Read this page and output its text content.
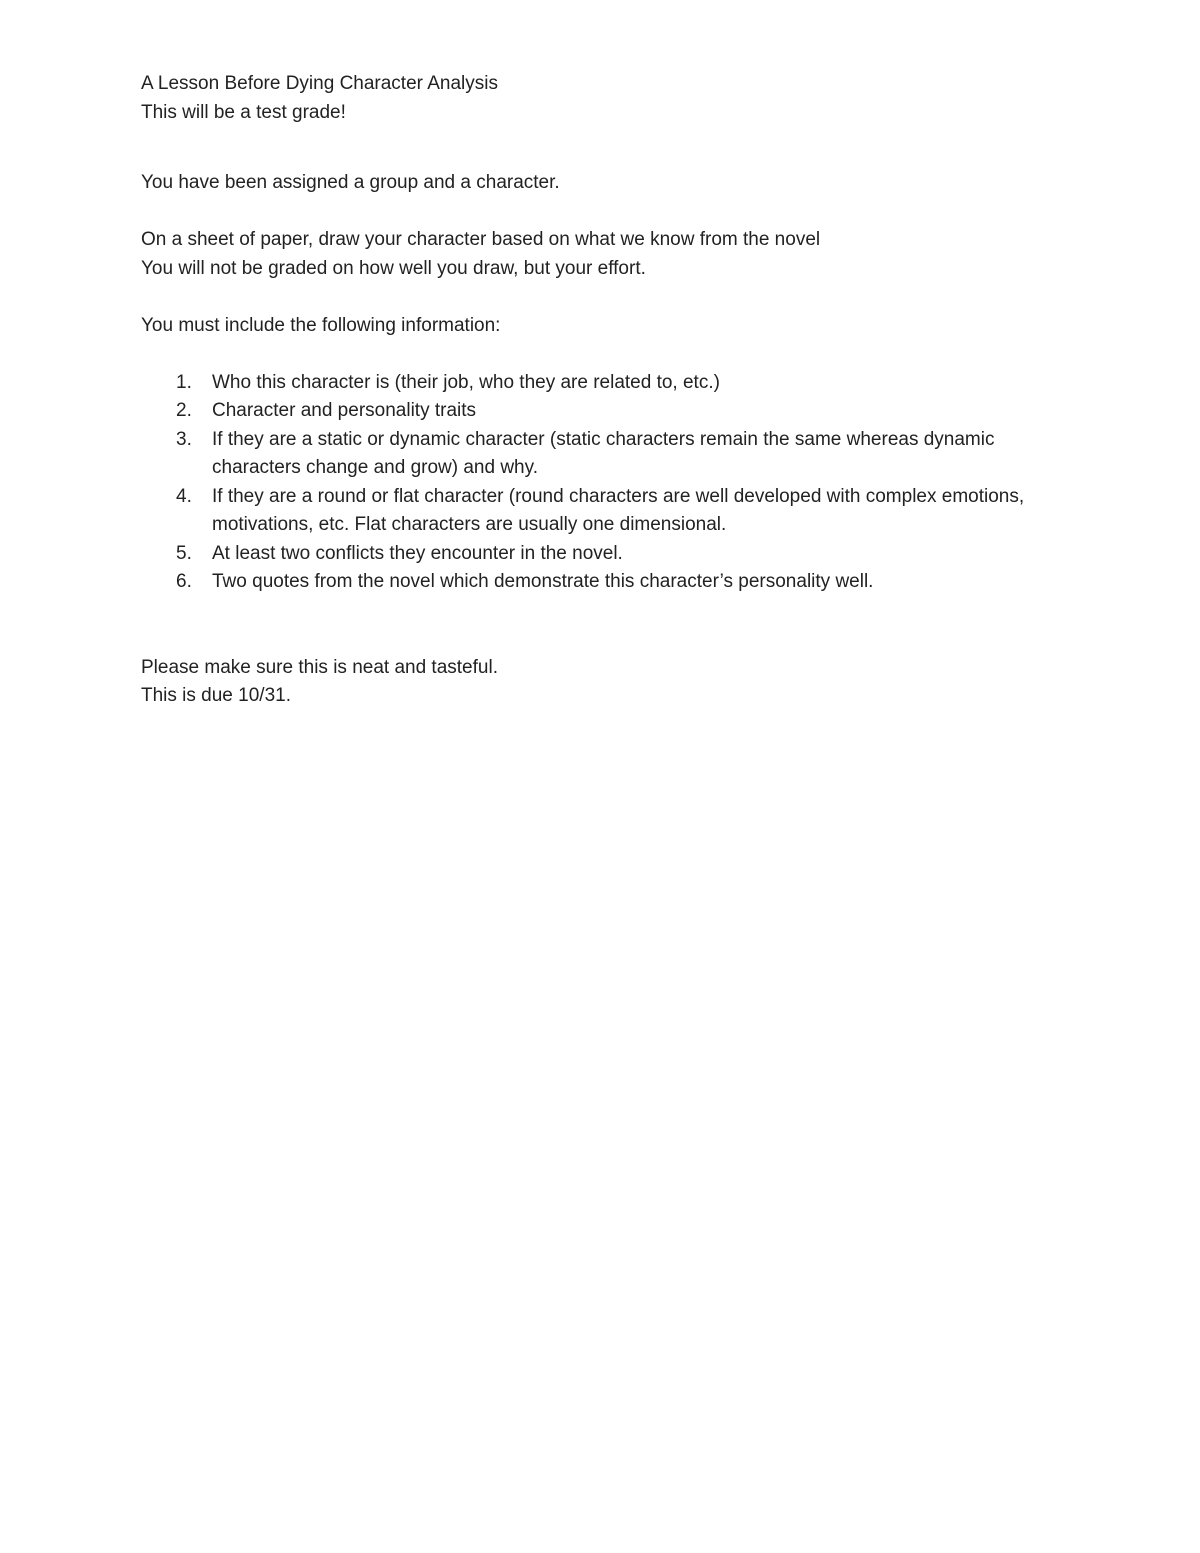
A Lesson Before Dying Character Analysis
This will be a test grade!
You have been assigned a group and a character.
On a sheet of paper, draw your character based on what we know from the novel
You will not be graded on how well you draw, but your effort.
You must include the following information:
1. Who this character is (their job, who they are related to, etc.)
2. Character and personality traits
3. If they are a static or dynamic character (static characters remain the same whereas dynamic characters change and grow) and why.
4. If they are a round or flat character (round characters are well developed with complex emotions, motivations, etc. Flat characters are usually one dimensional.
5. At least two conflicts they encounter in the novel.
6. Two quotes from the novel which demonstrate this character’s personality well.
Please make sure this is neat and tasteful.
This is due 10/31.
